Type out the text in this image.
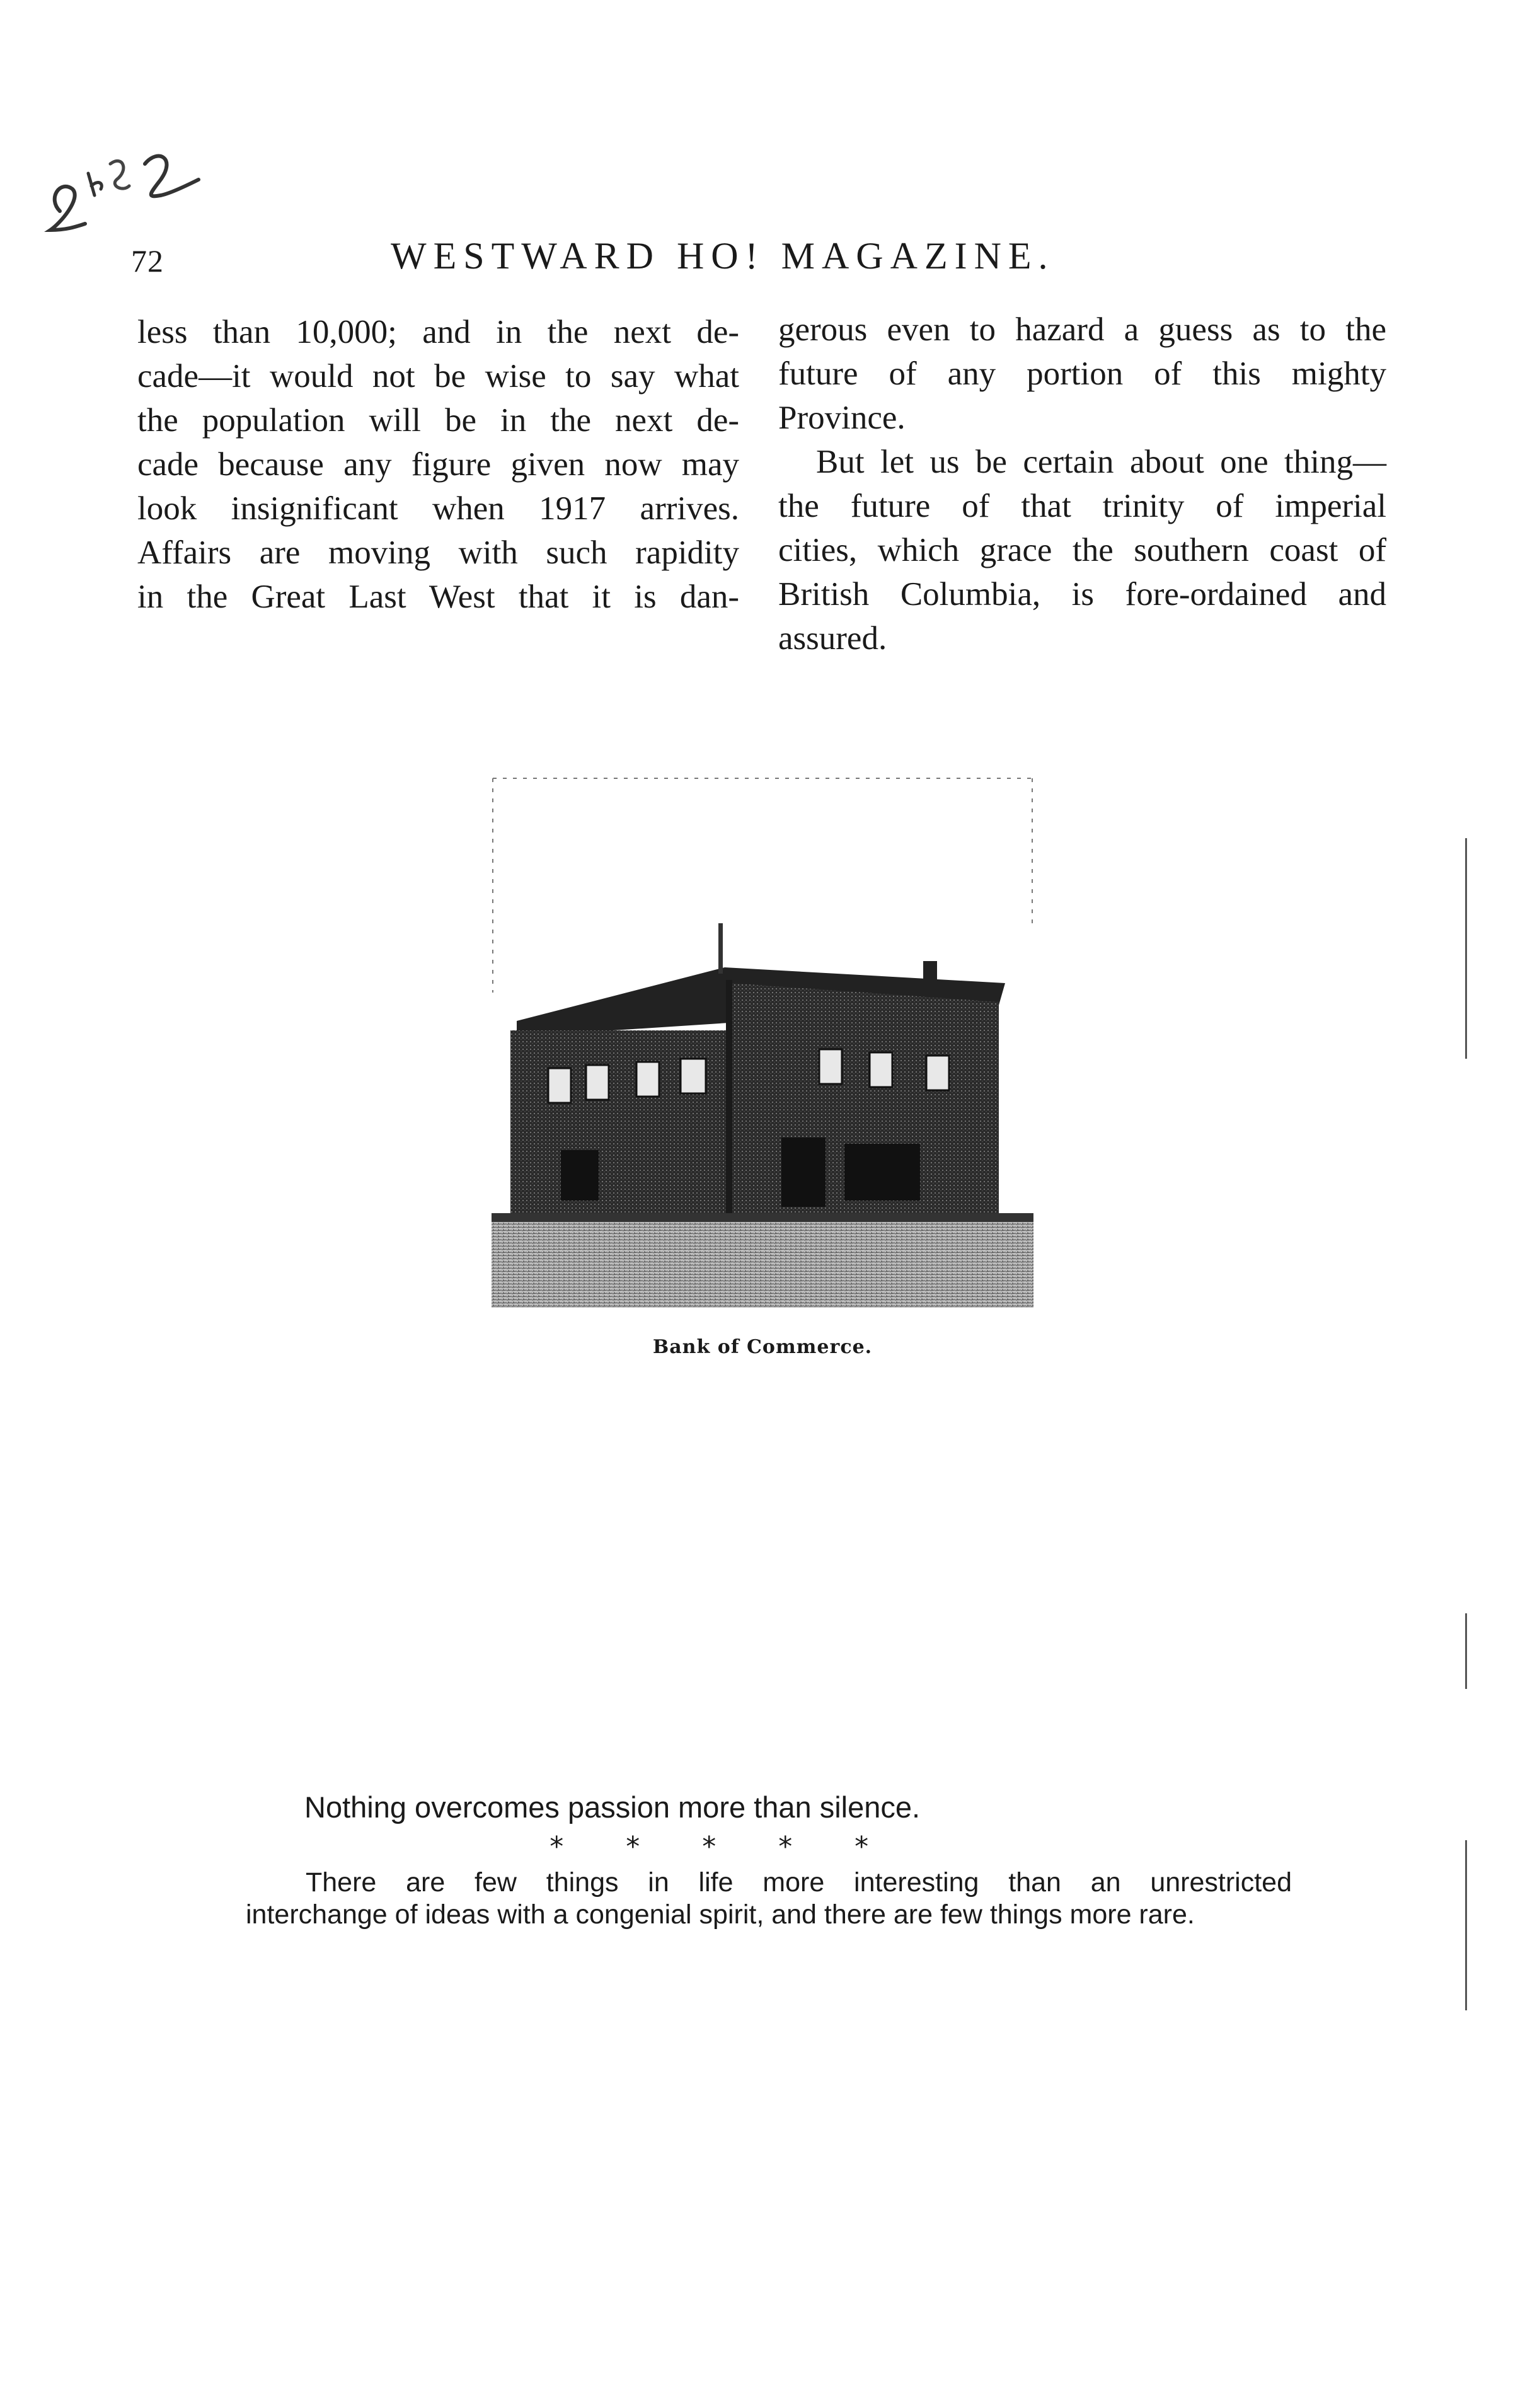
72	WESTWARD HO! MAGAZINE.
less than 10,000; and in the next de-
cade—it would not be wise to say what
the population will be in the next de-
cade because any figure given now may
look insignificant when 1917 arrives.
Affairs are moving with such rapidity
in the Great Last West that it is dan-

gerous even to hazard a guess as to the
future of any portion of this mighty
Province.

But let us be certain about one thing—
the future of that trinity of imperial
cities, which grace the southern coast of
British Columbia, is fore-ordained and
assured.

Bank of Commerce.
Nothing overcomes passion more than silence.
* * * * *
There are few things in life more interesting than an unrestricted
interchange of ideas with a congenial spirit, and there are few things more rare.
